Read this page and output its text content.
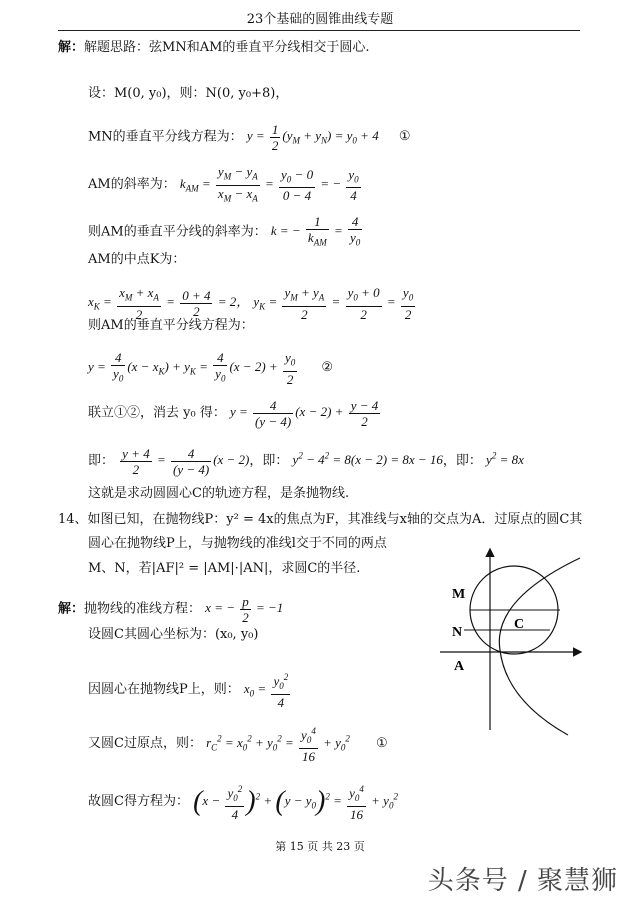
23个基础的圆锥曲线专题
解：解题思路：弦MN和AM的垂直平分线相交于圆心.
设：M(0, y₀)，则：N(0, y₀+8)，
MN的垂直平分线方程为： $y = \frac{1}{2} (y_M + y_N) = y_0 + 4$ ①
AM的斜率为： $k_{AM} = \frac{y_M - y_A}{x_M - x_A} = \frac{y_0 - 0}{0 - 4}$ = − $\frac{y_0}{4}$
则AM的垂直平分线的斜率为： k = −
1
$k_{AM}$
= $\frac{4}{y_0}$
AM的中点K为：
$x_K = \frac{x_M + x_A}{2} = \frac{0 + 4}{2} = 2$， $y_K = \frac{y_M + y_A}{2} = \frac{y_0 + 0}{2} = \frac{y_0}{2}$
则AM的垂直平分线方程为：
$y = \frac{4}{y_0} (x - x_K) + y_K = \frac{4}{y_0} (x - 2) + \frac{y_0}{2}$ ②
联立①②，消去 y₀ 得： $y = \frac{4}{(y - 4)} (x - 2) + \frac{y - 4}{2}$
即： $\frac{y + 4}{2} = \frac{4}{(y - 4)} (x - 2)$，即： $y^2 - 4^2 = 8(x - 2) = 8x - 16$，即： $y^2 = 8x$
这就是求动圆圆心C的轨迹方程，是条抛物线.
14、如图已知，在抛物线P：y² = 4x的焦点为F，其准线与x轴的交点为A．过原点的圆C其
圆心在抛物线P上，与抛物线的准线l交于不同的两点
M、N，若|AF|² = |AM|·|AN|，求圆C的半径.
解：抛物线的准线方程： x = − $\frac{p}{2} = -1$
设圆C其圆心坐标为：(x₀, y₀)
因圆心在抛物线P上，则： $x_0 = \frac{y_0^2}{4}$
又圆C过原点，则： $r_C^2 = x_0^2 + y_0^2 = \frac{y_0^4}{16} + y_0^2$ ①
故圆C得方程为： $(x - \frac{y_0^2}{4} )^2 + (y - y_0)^2 = \frac{y_0^4}{16} + y_0^2$
M
N
A
C
第 15 页 共 23 页
头条号 / 聚慧狮
